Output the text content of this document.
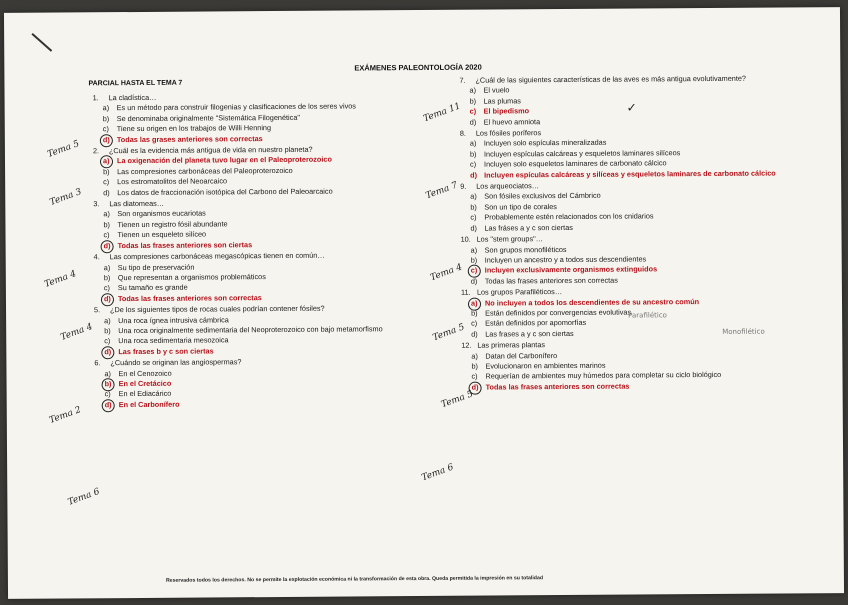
EXÁMENES PALEONTOLOGÍA 2020
PARCIAL HASTA EL TEMA 7
1. La cladística…
a) Es un método para construir filogenias y clasificaciones de los seres vivos
b) Se denominaba originalmente "Sistemática Filogenética"
c) Tiene su origen en los trabajos de Willi Henning
d) Todas las grases anteriores son correctas
2. ¿Cuál es la evidencia más antigua de vida en nuestro planeta?
a) La oxigenación del planeta tuvo lugar en el Paleoproterozoico
b) Las compresiones carbonáceas del Paleoproterozoico
c) Los estromatolitos del Neoarcaico
d) Los datos de fraccionación isotópica del Carbono del Paleoarcaico
3. Las diatomeas…
a) Son organismos eucariotas
b) Tienen un registro fósil abundante
c) Tienen un esqueleto silíceo
d) Todas las frases anteriores son ciertas
4. Las compresiones carbonáceas megascópicas tienen en común…
a) Su tipo de preservación
b) Que representan a organismos problemáticos
c) Su tamaño es grande
d) Todas las frases anteriores son correctas
5. ¿De los siguientes tipos de rocas cuales podrían contener fósiles?
a) Una roca ígnea intrusiva cámbrica
b) Una roca originalmente sedimentaria del Neoproterozoico con bajo metamorfismo
c) Una roca sedimentaria mesozoica
d) Las frases b y c son ciertas
6. ¿Cuándo se originan las angiospermas?
a) En el Cenozoico
b) En el Cretácico
c) En el Ediacárico
d) En el Carbonífero
7. ¿Cuál de las siguientes características de las aves es más antigua evolutivamente?
a) El vuelo
b) Las plumas
c) El bipedismo
d) El huevo amniota
8. Los fósiles poríferos
a) Incluyen solo espículas mineralizadas
b) Incluyen espículas calcáreas y esqueletos laminares silíceos
c) Incluyen solo esqueletos laminares de carbonato cálcico
d) Incluyen espículas calcáreas y silíceas y esqueletos laminares de carbonato cálcico
9. Los arqueociatos…
a) Son fósiles exclusivos del Cámbrico
b) Son un tipo de corales
c) Probablemente estén relacionados con los cnidarios
d) Las fráses a y c son ciertas
10. Los "stem groups"…
a) Son grupos monofiléticos
b) Incluyen un ancestro y a todos sus descendientes
c) Incluyen exclusivamente organismos extinguidos
d) Todas las frases anteriores son correctas
11. Los grupos Parafiléticos…
a) No incluyen a todos los descendientes de su ancestro común
b) Están definidos por convergencias evolutivas
c) Están definidos por apomorfías
d) Las frases a y c son ciertas
12. Las primeras plantas
a) Datan del Carbonífero
b) Evolucionaron en ambientes marinos
c) Requerían de ambientes muy húmedos para completar su ciclo biológico
d) Todas las frases anteriores son correctas
✓
Tema 5
Tema 3
Tema 4
Tema 4
Tema 2
Tema 6
Tema 11
Tema 7
Tema 4
Tema 5
Tema 5
Tema 6
Parafilético
Monofilético
Reservados todos los derechos. No se permite la explotación económica ni la transformación de esta obra. Queda permitida la impresión en su totalidad
